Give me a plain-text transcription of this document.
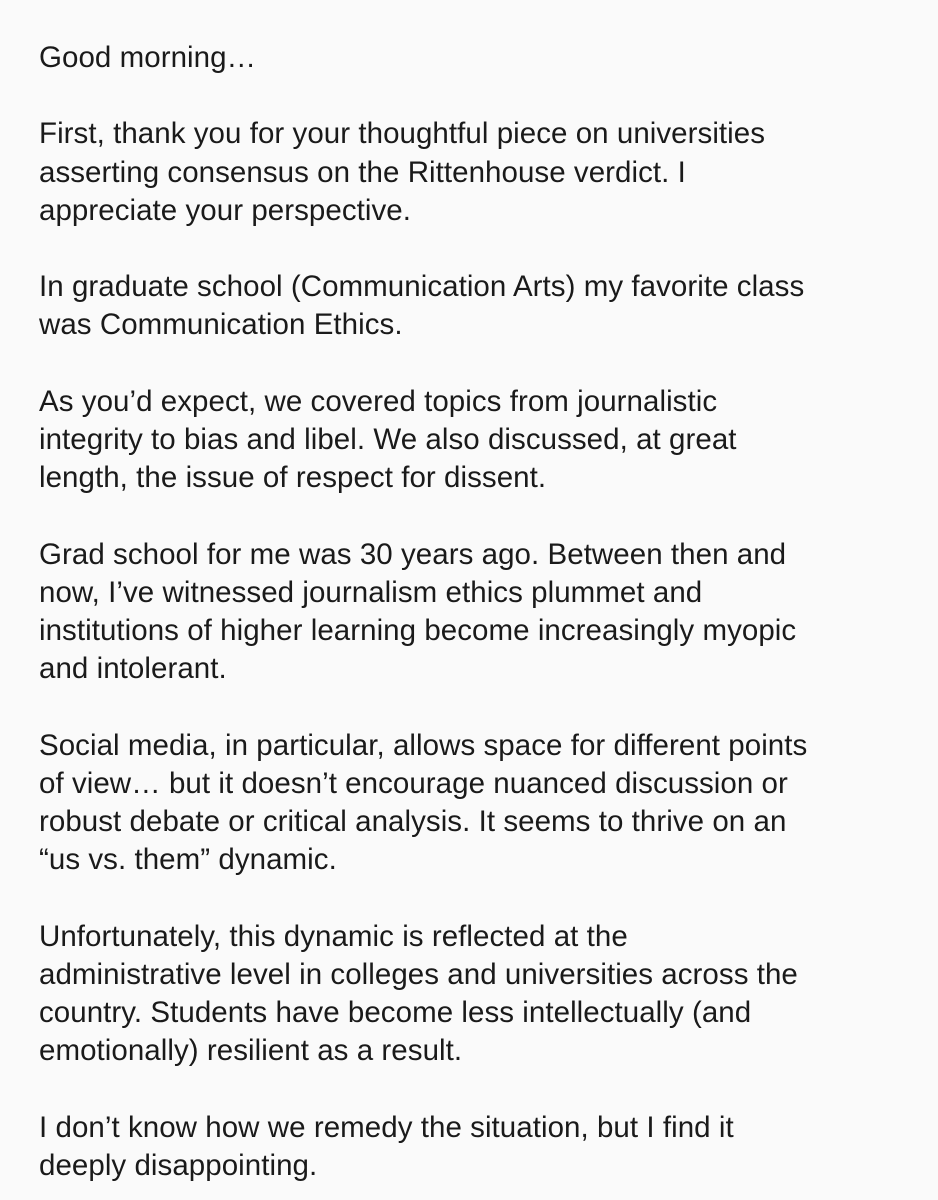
Good morning…

First, thank you for your thoughtful piece on universities
asserting consensus on the Rittenhouse verdict. I
appreciate your perspective.

In graduate school (Communication Arts) my favorite class
was Communication Ethics.

As you’d expect, we covered topics from journalistic
integrity to bias and libel. We also discussed, at great
length, the issue of respect for dissent.

Grad school for me was 30 years ago. Between then and
now, I’ve witnessed journalism ethics plummet and
institutions of higher learning become increasingly myopic
and intolerant.

Social media, in particular, allows space for different points
of view… but it doesn’t encourage nuanced discussion or
robust debate or critical analysis. It seems to thrive on an
“us vs. them” dynamic.

Unfortunately, this dynamic is reflected at the
administrative level in colleges and universities across the
country. Students have become less intellectually (and
emotionally) resilient as a result.

I don’t know how we remedy the situation, but I find it
deeply disappointing.
